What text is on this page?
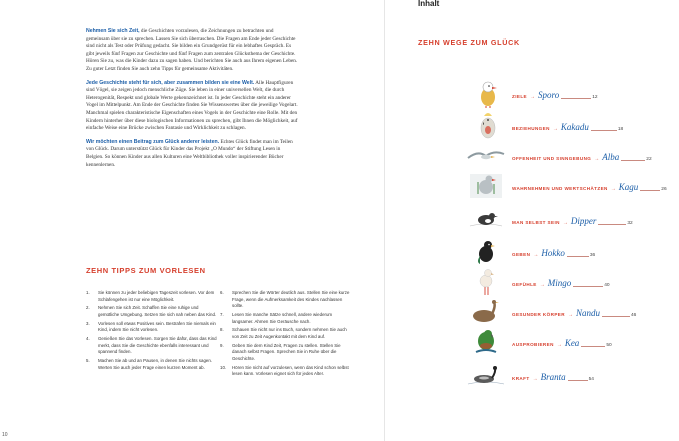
10

Nehmen Sie sich Zeit, die Geschichten vorzulesen, die Zeichnungen zu betrachten und gemeinsam über sie zu sprechen. Lassen Sie sich überraschen. Die Fragen am Ende jeder Geschichte sind nicht als Test oder Prüfung gedacht. Sie bilden ein Grundgerüst für ein lebhaftes Gespräch. Es gibt jeweils fünf Fragen zur Geschichte und fünf Fragen zum zentralen Glücksthema der Geschichte. Hören Sie zu, was die Kinder dazu zu sagen haben. Und berichten Sie auch aus Ihrem eigenen Leben. Zu guter Letzt finden Sie auch zehn Tipps für gemeinsame Aktivitäten.

Jede Geschichte steht für sich, aber zusammen bilden sie eine Welt. Alle Hauptfiguren sind Vögel, sie zeigen jedoch menschliche Züge. Sie leben in einer universellen Welt, die durch Heterogenität, Respekt und globale Werte gekennzeichnet ist. In jeder Geschichte steht ein anderer Vogel im Mittelpunkt. Am Ende der Geschichte finden Sie Wissenswertes über die jeweilige Vogelart. Manchmal spielen charakteristische Eigenschaften eines Vogels in der Geschichte eine Rolle. Mit den Kindern hinterher über diese biologischen Informationen zu sprechen, gibt Ihnen die Möglichkeit, auf einfache Weise eine Brücke zwischen Fantasie und Wirklichkeit zu schlagen.

Wir möchten einen Beitrag zum Glück anderer leisten. Echtes Glück findet man im Teilen von Glück. Darum unterstützt Glück für Kinder das Projekt „O Mundo“ der Stiftung Lesen in Belgien. So können Kinder aus allen Kulturen eine Weltbibliothek voller inspirierender Bücher kennenlernen.

ZEHN TIPPS ZUM VORLESEN
1. Sie können zu jeder beliebigen Tageszeit vorlesen. Vor dem Schlafengehen ist nur eine Möglichkeit.
2. Nehmen Sie sich Zeit. Schaffen Sie eine ruhige und gemütliche Umgebung. Setzen Sie sich nah neben das Kind.
3. Vorlesen soll etwas Positives sein. Bestrafen Sie niemals ein Kind, indem Sie nicht vorlesen.
4. Genießen Sie das Vorlesen. Sorgen Sie dafür, dass das Kind merkt, dass Sie die Geschichte ebenfalls interessant und spannend finden.
5. Machen Sie ab und an Pausen, in denen Sie nichts sagen. Werten Sie auch jeder Frage einen kurzen Moment ab.
6. Sprechen Sie die Wörter deutlich aus. Stellen Sie eine kurze Frage, wenn die Aufmerksamkeit des Kindes nachlassen sollte.
7. Lesen Sie manche Sätze schnell, andere wiederum langsamer. Ahmen Sie Geräusche nach.
8. Schauen Sie nicht nur ins Buch, sondern nehmen Sie auch von Zeit zu Zeit Augenkontakt mit dem Kind auf.
9. Geben Sie dem Kind Zeit, Fragen zu stellen. Stellen Sie danach selbst Fragen. Sprechen Sie in Ruhe über die Geschichte.
10. Hören Sie nicht auf vorzulesen, wenn das Kind schon selbst lesen kann. Vorlesen eignet sich für jedes Alter.
Inhalt
ZEHN WEGE ZUM GLÜCK
ZIELE → Sporo	12
BEZIEHUNGEN → Kakadu	18
OFFENHEIT UND SINNGEBUNG → Alba	22
WAHRNEHMEN UND WERTSCHÄTZEN → Kagu	26
MAN SELBST SEIN → Dipper	32
GEBEN → Hokko	36
GEFÜHLE → Mingo	40
GESUNDER KÖRPER → Nandu	46
AUSPROBIEREN → Kea	50
KRAFT → Branta	54
